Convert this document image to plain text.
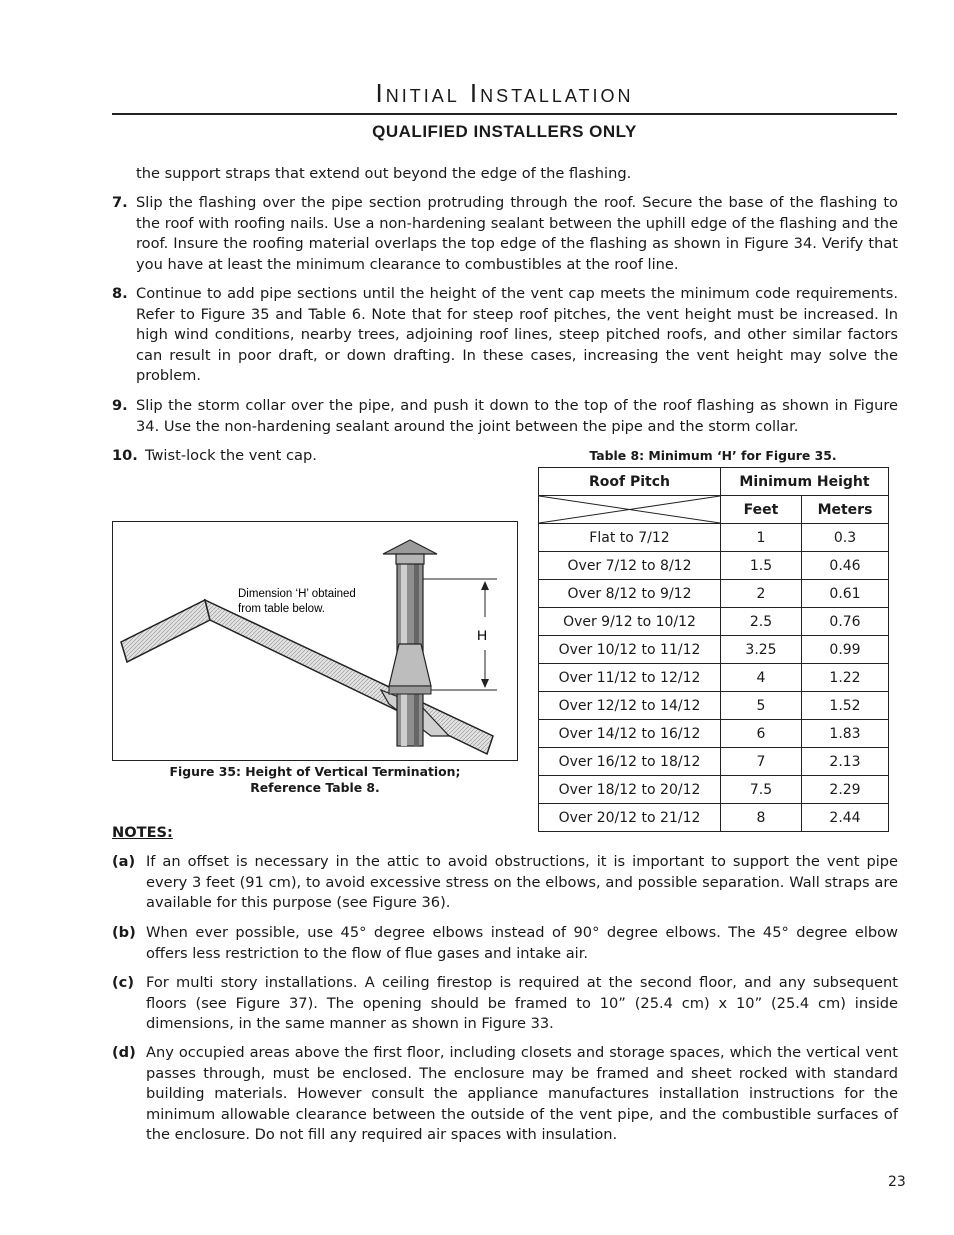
Initial Installation
QUALIFIED INSTALLERS ONLY
the support straps that extend out beyond the edge of the flashing.
7. Slip the flashing over the pipe section protruding through the roof. Secure the base of the flashing to the roof with roofing nails. Use a non-hardening sealant between the uphill edge of the flashing and the roof. Insure the roofing material overlaps the top edge of the flashing as shown in Figure 34. Verify that you have at least the minimum clearance to combustibles at the roof line.
8. Continue to add pipe sections until the height of the vent cap meets the minimum code requirements. Refer to Figure 35 and Table 6. Note that for steep roof pitches, the vent height must be increased. In high wind conditions, nearby trees, adjoining roof lines, steep pitched roofs, and other similar factors can result in poor draft, or down drafting. In these cases, increasing the vent height may solve the problem.
9. Slip the storm collar over the pipe, and push it down to the top of the roof flashing as shown in Figure 34. Use the non-hardening sealant around the joint between the pipe and the storm collar.
10. Twist-lock the vent cap.
H
Dimension ‘H’ obtained
from table below.
Figure 35: Height of Vertical Termination;
Reference Table 8.
Table 8: Minimum ‘H’ for Figure 35.
Roof Pitch	Minimum Height	

	Feet	Meters
Flat to 7/12	1	0.3
Over 7/12 to 8/12	1.5	0.46
Over 8/12 to 9/12	2	0.61
Over 9/12 to 10/12	2.5	0.76
Over 10/12 to 11/12	3.25	0.99
Over 11/12 to 12/12	4	1.22
Over 12/12 to 14/12	5	1.52
Over 14/12 to 16/12	6	1.83
Over 16/12 to 18/12	7	2.13
Over 18/12 to 20/12	7.5	2.29
Over 20/12 to 21/12	8	2.44
NOTES:
(a) If an offset is necessary in the attic to avoid obstructions, it is important to support the vent pipe every 3 feet (91 cm), to avoid excessive stress on the elbows, and possible separation. Wall straps are available for this purpose (see Figure 36).
(b) When ever possible, use 45° degree elbows instead of 90° degree elbows. The 45° degree elbow offers less restriction to the flow of flue gases and intake air.
(c) For multi story installations. A ceiling firestop is required at the second floor, and any subsequent floors (see Figure 37). The opening should be framed to 10” (25.4 cm) x 10” (25.4 cm) inside dimensions, in the same manner as shown in Figure 33.
(d) Any occupied areas above the first floor, including closets and storage spaces, which the vertical vent passes through, must be enclosed. The enclosure may be framed and sheet rocked with standard building materials. However consult the appliance manufactures installation instructions for the minimum allowable clearance between the outside of the vent pipe, and the combustible surfaces of the enclosure. Do not fill any required air spaces with insulation.
23
